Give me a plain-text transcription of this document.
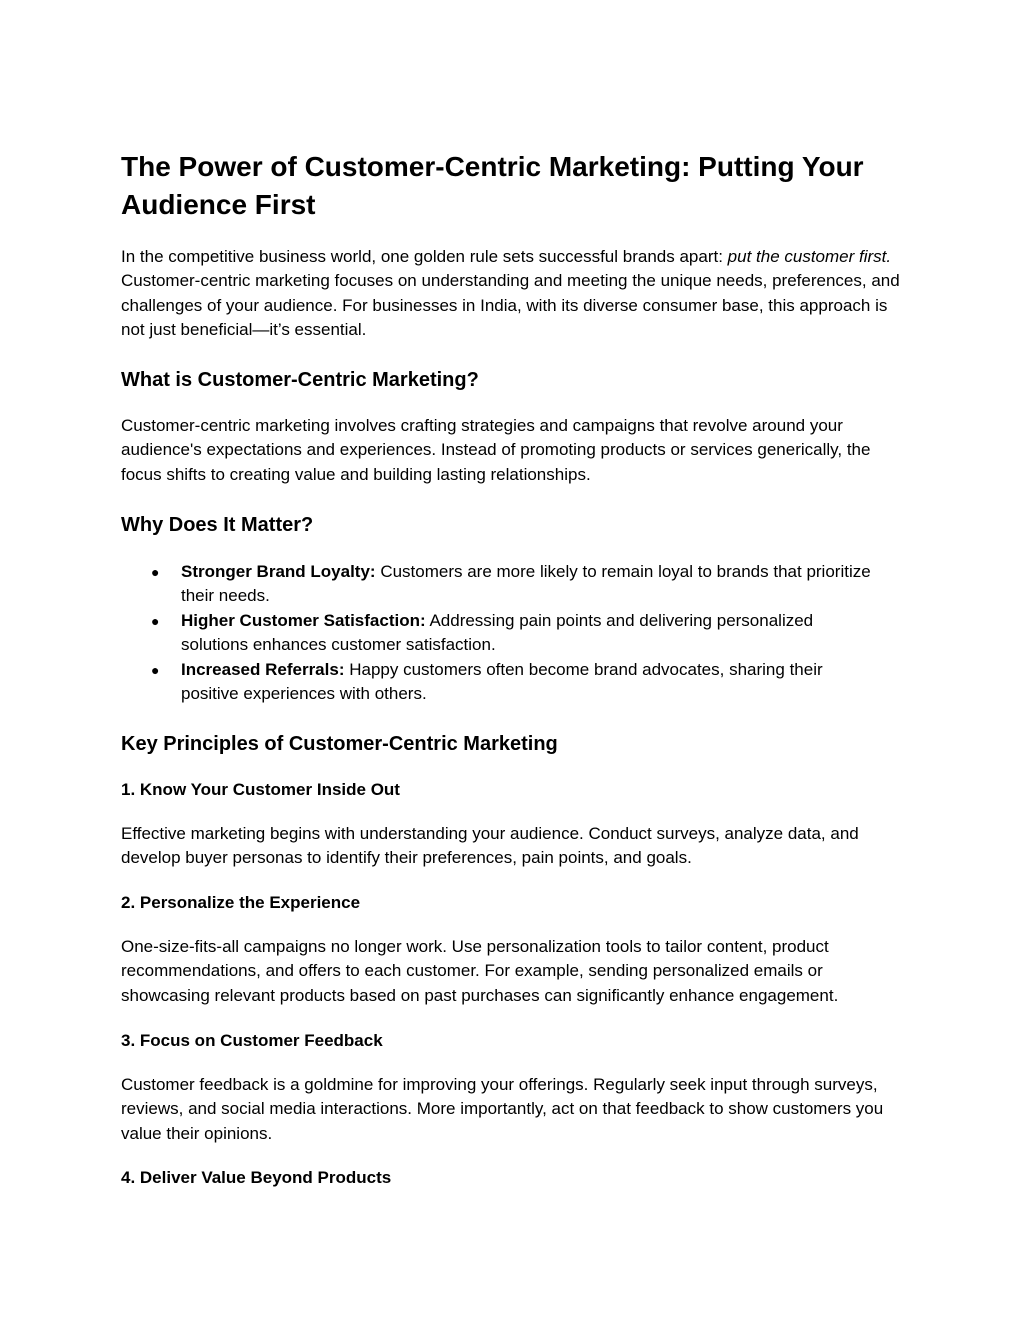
The Power of Customer-Centric Marketing: Putting Your Audience First

In the competitive business world, one golden rule sets successful brands apart: put the customer first. Customer-centric marketing focuses on understanding and meeting the unique needs, preferences, and challenges of your audience. For businesses in India, with its diverse consumer base, this approach is not just beneficial—it’s essential.

What is Customer-Centric Marketing?

Customer-centric marketing involves crafting strategies and campaigns that revolve around your audience's expectations and experiences. Instead of promoting products or services generically, the focus shifts to creating value and building lasting relationships.

Why Does It Matter?
● Stronger Brand Loyalty: Customers are more likely to remain loyal to brands that prioritize their needs.
● Higher Customer Satisfaction: Addressing pain points and delivering personalized solutions enhances customer satisfaction.
● Increased Referrals: Happy customers often become brand advocates, sharing their positive experiences with others.
Key Principles of Customer-Centric Marketing
1. Know Your Customer Inside Out

Effective marketing begins with understanding your audience. Conduct surveys, analyze data, and develop buyer personas to identify their preferences, pain points, and goals.

2. Personalize the Experience

One-size-fits-all campaigns no longer work. Use personalization tools to tailor content, product recommendations, and offers to each customer. For example, sending personalized emails or showcasing relevant products based on past purchases can significantly enhance engagement.

3. Focus on Customer Feedback

Customer feedback is a goldmine for improving your offerings. Regularly seek input through surveys, reviews, and social media interactions. More importantly, act on that feedback to show customers you value their opinions.

4. Deliver Value Beyond Products
